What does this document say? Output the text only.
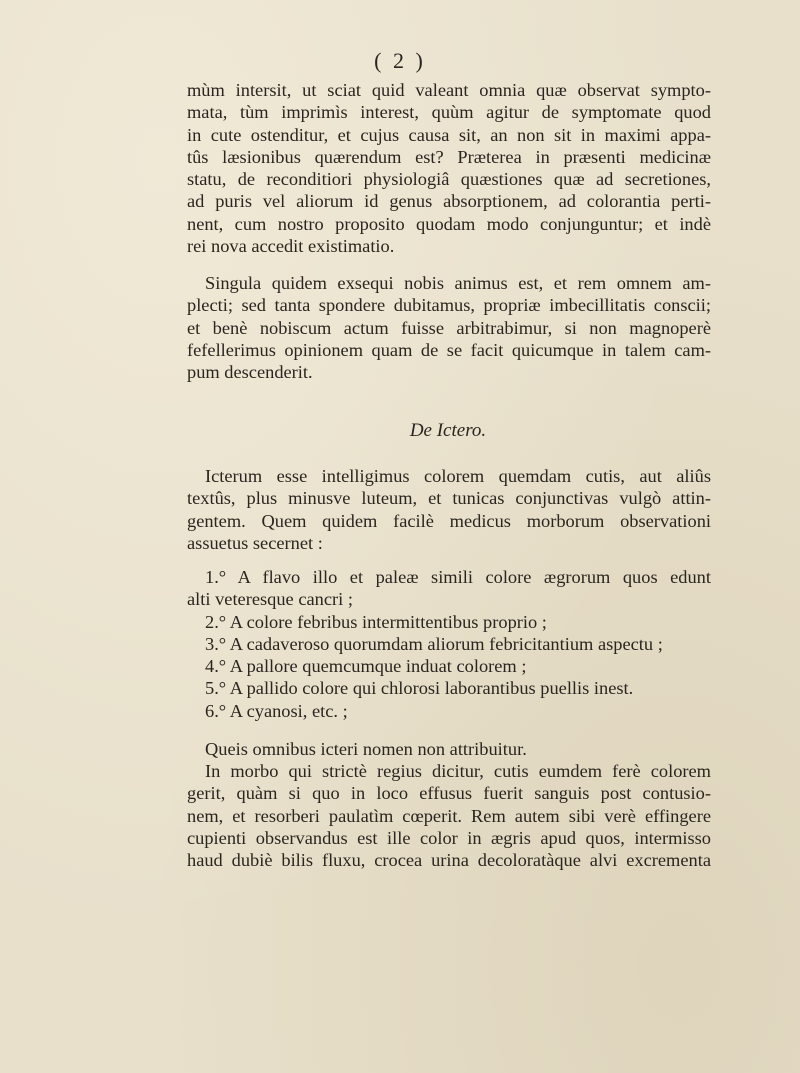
( 2 )
mùm intersit, ut sciat quid valeant omnia quæ observat sympto-
mata, tùm imprimìs interest, quùm agitur de symptomate quod
in cute ostenditur, et cujus causa sit, an non sit in maximi appa-
tûs læsionibus quærendum est? Præterea in præsenti medicinæ
statu, de reconditiori physiologiâ quæstiones quæ ad secretiones,
ad puris vel aliorum id genus absorptionem, ad colorantia perti-
nent, cum nostro proposito quodam modo conjunguntur; et indè
rei nova accedit existimatio.
Singula quidem exsequi nobis animus est, et rem omnem am-
plecti; sed tanta spondere dubitamus, propriæ imbecillitatis conscii;
et benè nobiscum actum fuisse arbitrabimur, si non magnoperè
fefellerimus opinionem quam de se facit quicumque in talem cam-
pum descenderit.
De Ictero.
Icterum esse intelligimus colorem quemdam cutis, aut aliûs
textûs, plus minusve luteum, et tunicas conjunctivas vulgò attin-
gentem. Quem quidem facilè medicus morborum observationi
assuetus secernet :
1.° A flavo illo et paleæ simili colore ægrorum quos edunt
alti veteresque cancri ;
2.° A colore febribus intermittentibus proprio ;
3.° A cadaveroso quorumdam aliorum febricitantium aspectu ;
4.° A pallore quemcumque induat colorem ;
5.° A pallido colore qui chlorosi laborantibus puellis inest.
6.° A cyanosi, etc. ;
Queis omnibus icteri nomen non attribuitur.
In morbo qui strictè regius dicitur, cutis eumdem ferè colorem
gerit, quàm si quo in loco effusus fuerit sanguis post contusio-
nem, et resorberi paulatìm cœperit. Rem autem sibi verè effingere
cupienti observandus est ille color in ægris apud quos, intermisso
haud dubiè bilis fluxu, crocea urina decoloratàque alvi excrementa
